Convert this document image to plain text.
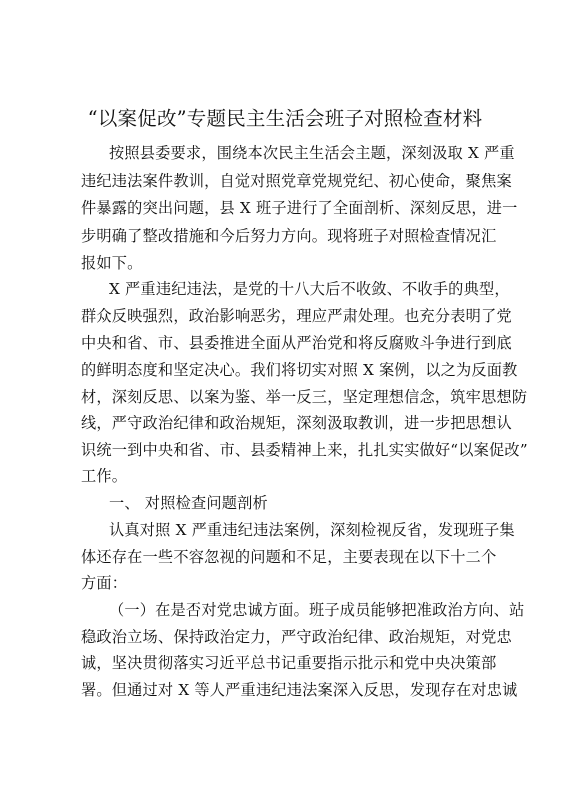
“以案促改”专题民主生活会班子对照检查材料
按照县委要求，围绕本次民主生活会主题，深刻汲取 X 严重
违纪违法案件教训，自觉对照党章党规党纪、初心使命，聚焦案
件暴露的突出问题，县 X 班子进行了全面剖析、深刻反思，进一
步明确了整改措施和今后努力方向。现将班子对照检查情况汇
报如下。
X 严重违纪违法，是党的十八大后不收敛、不收手的典型，
群众反映强烈，政治影响恶劣，理应严肃处理。也充分表明了党
中央和省、市、县委推进全面从严治党和将反腐败斗争进行到底
的鲜明态度和坚定决心。我们将切实对照 X 案例，以之为反面教
材，深刻反思、以案为鉴、举一反三，坚定理想信念，筑牢思想防
线，严守政治纪律和政治规矩，深刻汲取教训，进一步把思想认
识统一到中央和省、市、县委精神上来，扎扎实实做好“以案促改”
工作。
一、 对照检查问题剖析
认真对照 X 严重违纪违法案例，深刻检视反省，发现班子集
体还存在一些不容忽视的问题和不足，主要表现在以下十二个
方面：
（一）在是否对党忠诚方面。班子成员能够把准政治方向、站
稳政治立场、保持政治定力，严守政治纪律、政治规矩，对党忠
诚，坚决贯彻落实习近平总书记重要指示批示和党中央决策部
署。但通过对 X 等人严重违纪违法案深入反思，发现存在对忠诚
